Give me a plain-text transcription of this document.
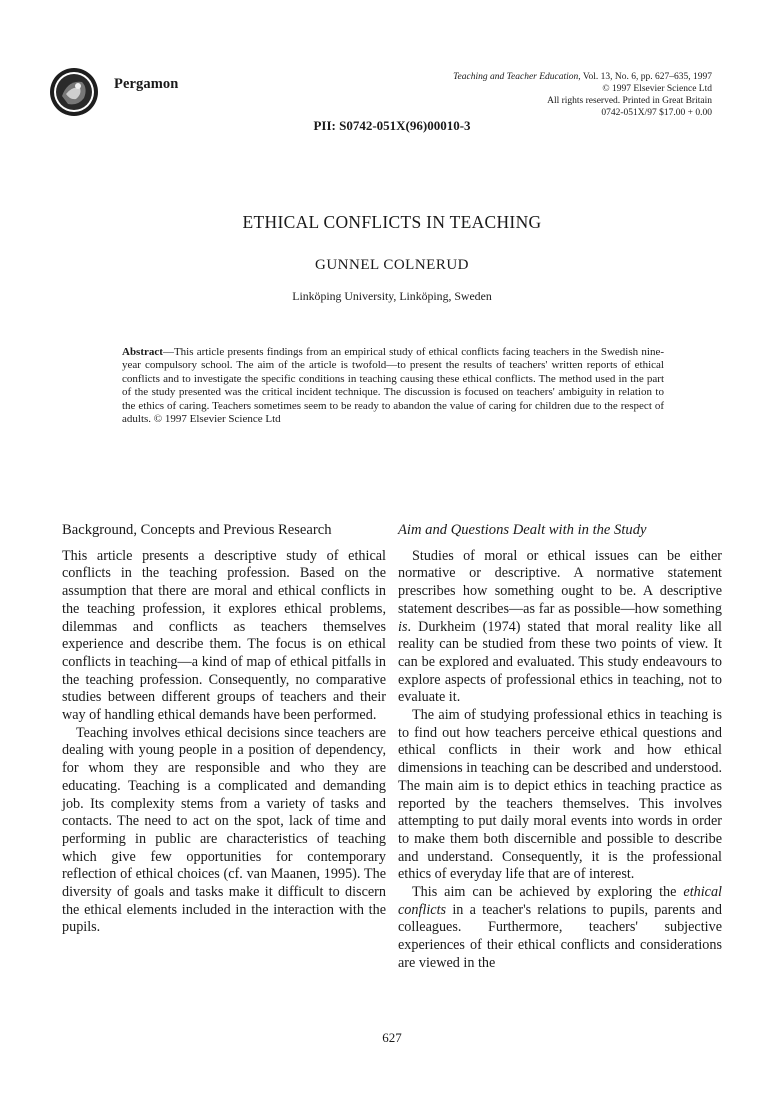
Pergamon	Teaching and Teacher Education, Vol. 13, No. 6, pp. 627–635, 1997
© 1997 Elsevier Science Ltd
All rights reserved. Printed in Great Britain
0742-051X/97 $17.00 + 0.00
PII: S0742-051X(96)00010-3
ETHICAL CONFLICTS IN TEACHING
GUNNEL COLNERUD
Linköping University, Linköping, Sweden
Abstract—This article presents findings from an empirical study of ethical conflicts facing teachers in the Swedish nine-year compulsory school. The aim of the article is twofold—to present the results of teachers' written reports of ethical conflicts and to investigate the specific conditions in teaching causing these ethical conflicts. The method used in the part of the study presented was the critical incident technique. The discussion is focused on teachers' ambiguity in relation to the ethics of caring. Teachers sometimes seem to be ready to abandon the value of caring for children due to the respect of adults. © 1997 Elsevier Science Ltd
Background, Concepts and Previous Research

This article presents a descriptive study of ethical conflicts in the teaching profession. Based on the assumption that there are moral and ethical conflicts in the teaching profession, it explores ethical problems, dilemmas and conflicts as teachers themselves experience and describe them. The focus is on ethical conflicts in teaching—a kind of map of ethical pitfalls in the teaching profession. Consequently, no comparative studies between different groups of teachers and their way of handling ethical demands have been performed.

Teaching involves ethical decisions since teachers are dealing with young people in a position of dependency, for whom they are responsible and who they are educating. Teaching is a complicated and demanding job. Its complexity stems from a variety of tasks and contacts. The need to act on the spot, lack of time and performing in public are characteristics of teaching which give few opportunities for contemporary reflection of ethical choices (cf. van Maanen, 1995). The diversity of goals and tasks make it difficult to discern the ethical elements included in the interaction with the pupils.

Aim and Questions Dealt with in the Study

Studies of moral or ethical issues can be either normative or descriptive. A normative statement prescribes how something ought to be. A descriptive statement describes—as far as possible—how something is. Durkheim (1974) stated that moral reality like all reality can be studied from these two points of view. It can be explored and evaluated. This study endeavours to explore aspects of professional ethics in teaching, not to evaluate it.

The aim of studying professional ethics in teaching is to find out how teachers perceive ethical questions and ethical conflicts in their work and how ethical dimensions in teaching can be described and understood. The main aim is to depict ethics in teaching practice as reported by the teachers themselves. This involves attempting to put daily moral events into words in order to make them both discernible and possible to describe and understand. Consequently, it is the professional ethics of everyday life that are of interest.

This aim can be achieved by exploring the ethical conflicts in a teacher's relations to pupils, parents and colleagues. Furthermore, teachers' subjective experiences of their ethical conflicts and considerations are viewed in the

627
